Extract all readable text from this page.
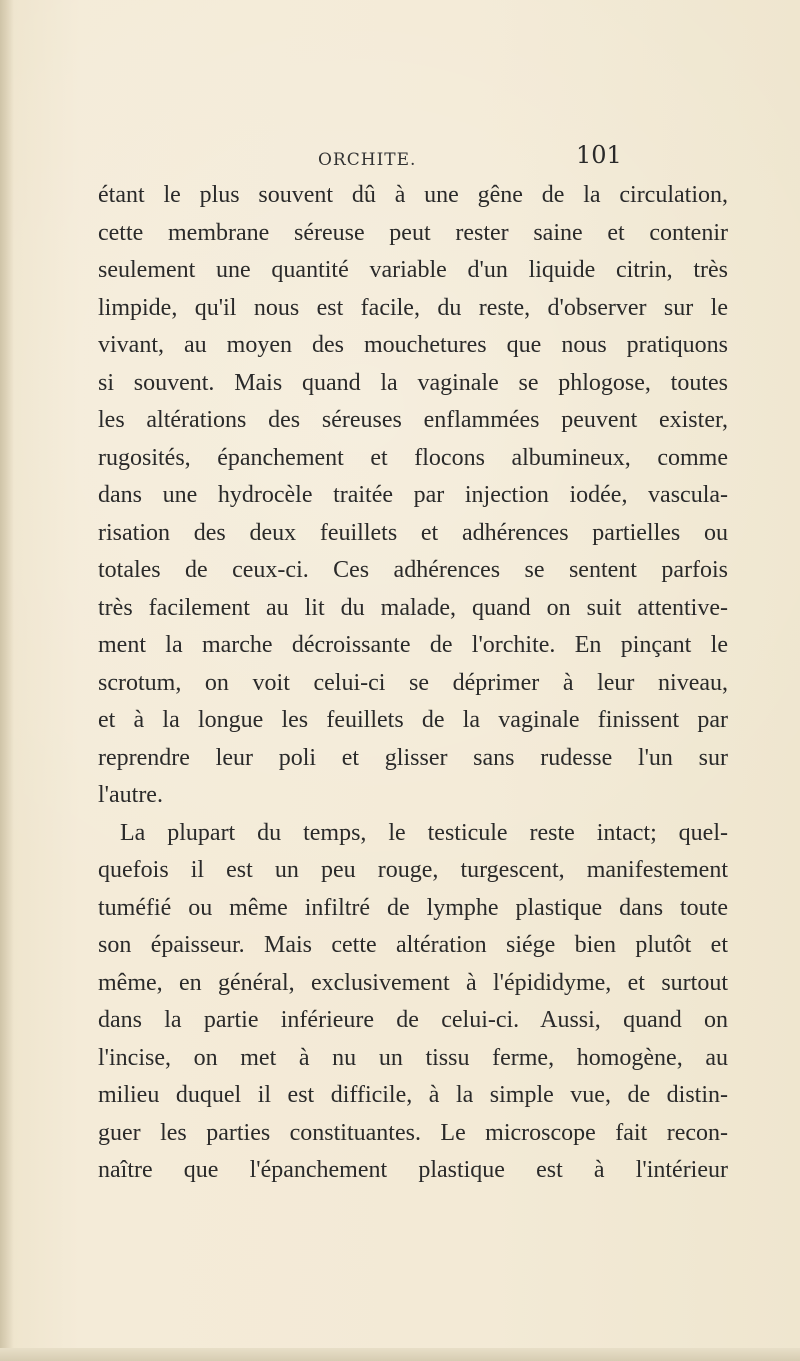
ORCHITE.	101
étant le plus souvent dû à une gêne de la circulation,
cette membrane séreuse peut rester saine et contenir
seulement une quantité variable d'un liquide citrin, très
limpide, qu'il nous est facile, du reste, d'observer sur le
vivant, au moyen des mouchetures que nous pratiquons
si souvent. Mais quand la vaginale se phlogose, toutes
les altérations des séreuses enflammées peuvent exister,
rugosités, épanchement et flocons albumineux, comme
dans une hydrocèle traitée par injection iodée, vascula-
risation des deux feuillets et adhérences partielles ou
totales de ceux-ci. Ces adhérences se sentent parfois
très facilement au lit du malade, quand on suit attentive-
ment la marche décroissante de l'orchite. En pinçant le
scrotum, on voit celui-ci se déprimer à leur niveau,
et à la longue les feuillets de la vaginale finissent par
reprendre leur poli et glisser sans rudesse l'un sur
l'autre.
La plupart du temps, le testicule reste intact; quel-
quefois il est un peu rouge, turgescent, manifestement
tuméfié ou même infiltré de lymphe plastique dans toute
son épaisseur. Mais cette altération siége bien plutôt et
même, en général, exclusivement à l'épididyme, et surtout
dans la partie inférieure de celui-ci. Aussi, quand on
l'incise, on met à nu un tissu ferme, homogène, au
milieu duquel il est difficile, à la simple vue, de distin-
guer les parties constituantes. Le microscope fait recon-
naître que l'épanchement plastique est à l'intérieur
